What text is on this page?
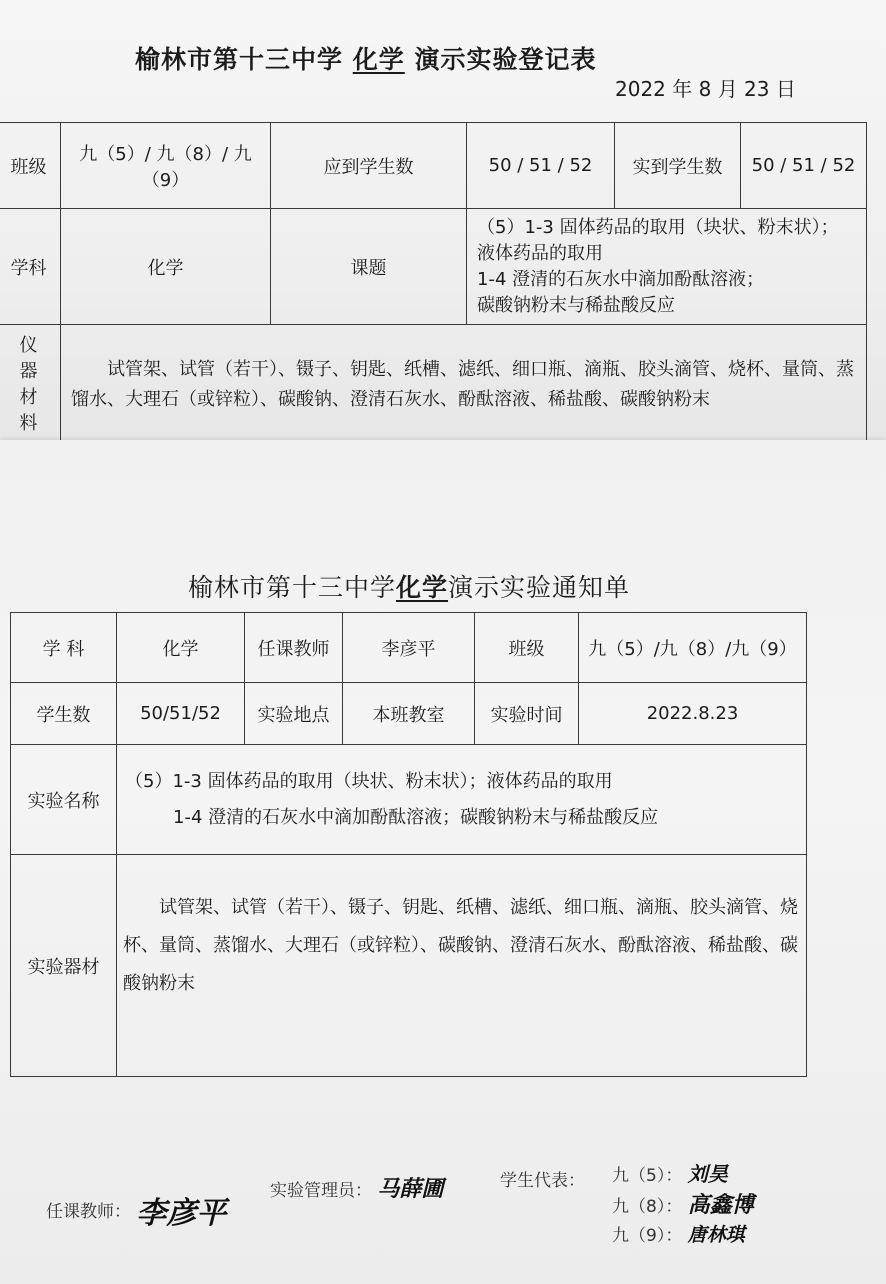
榆林市第十三中学 化学 演示实验登记表
2022 年 8 月 23 日
班级	九（5）/ 九（8）/ 九（9）	应到学生数	50 / 51 / 52	实到学生数	50 / 51 / 52
学科	化学	课题	（5）1-3 固体药品的取用（块状、粉末状）；
液体药品的取用
1-4 澄清的石灰水中滴加酚酞溶液；
碳酸钠粉末与稀盐酸反应		

仪器材料	试管架、试管（若干）、镊子、钥匙、纸槽、滤纸、细口瓶、滴瓶、胶头滴管、烧杯、量筒、蒸馏水、大理石（或锌粒）、碳酸钠、澄清石灰水、酚酞溶液、稀盐酸、碳酸钠粉末				
榆林市第十三中学化学演示实验通知单
学 科	化学	任课教师	李彦平	班级	九（5）/九（8）/九（9）
学生数	50/51/52	实验地点	本班教室	实验时间	2022.8.23
实验名称	（5）1-3 固体药品的取用（块状、粉末状）；液体药品的取用
1-4 澄清的石灰水中滴加酚酞溶液；碳酸钠粉末与稀盐酸反应				

实验器材	试管架、试管（若干）、镊子、钥匙、纸槽、滤纸、细口瓶、滴瓶、胶头滴管、烧杯、量筒、蒸馏水、大理石（或锌粒）、碳酸钠、澄清石灰水、酚酞溶液、稀盐酸、碳酸钠粉末				
任课教师： 李彦平
实验管理员： 马薛圃	学生代表： 九（5）： 刘昊
九（8）： 高鑫博
九（9）： 唐林琪
